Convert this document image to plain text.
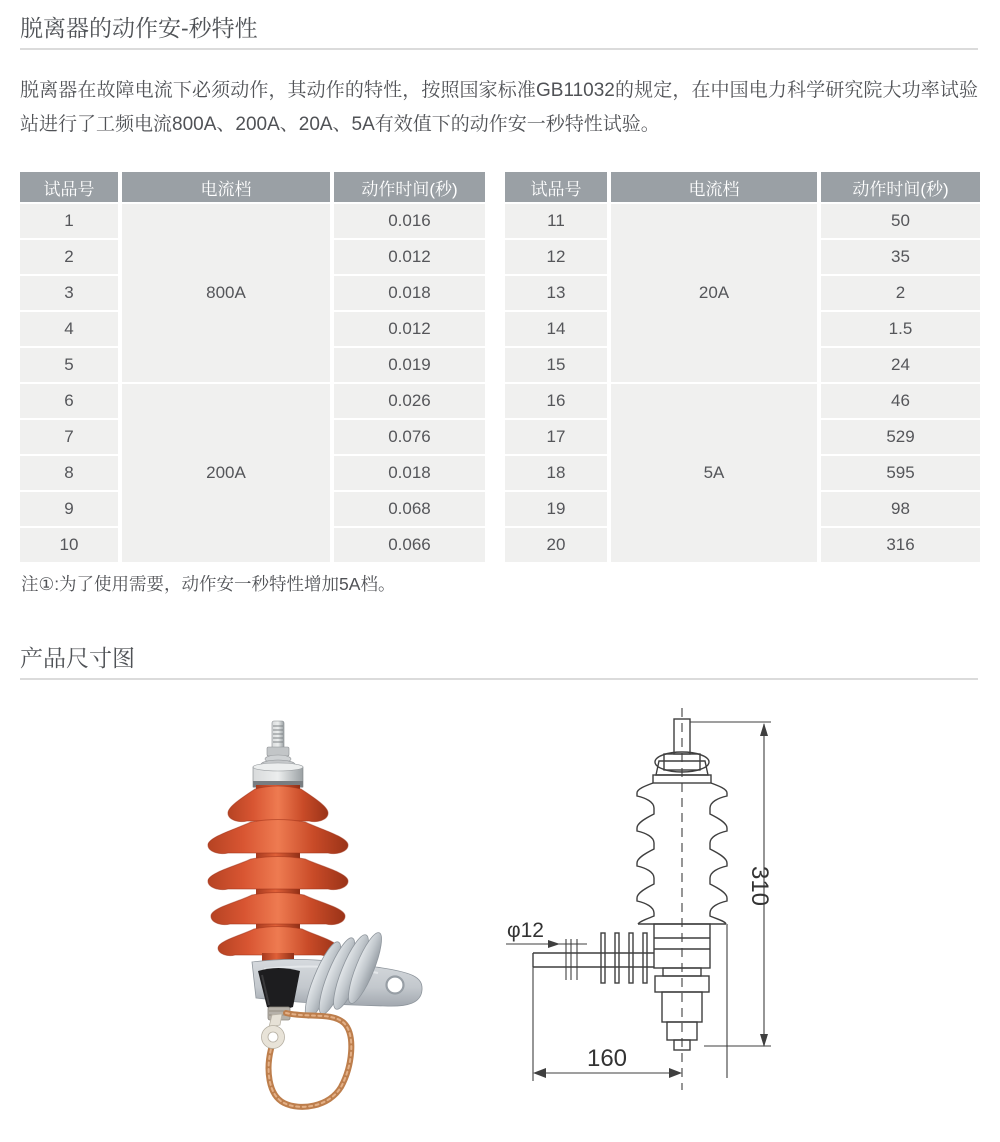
脱离器的动作安-秒特性

脱离器在故障电流下必须动作，其动作的特性，按照国家标准GB11032的规定，在中国电力科学研究院大功率试验站进行了工频电流800A、200A、20A、5A有效值下的动作安一秒特性试验。

试品号	电流档	动作时间(秒)
1	800A	0.016
2		0.012
3		0.018
4		0.012
5		0.019
6	200A	0.026
7		0.076
8		0.018
9		0.068
10		0.066
试品号	电流档	动作时间(秒)
11	20A	50
12		35
13		2
14		1.5
15		24
16	5A	46
17		529
18		595
19		98
20		316

注①:为了使用需要，动作安一秒特性增加5A档。

产品尺寸图
φ12
310
160
